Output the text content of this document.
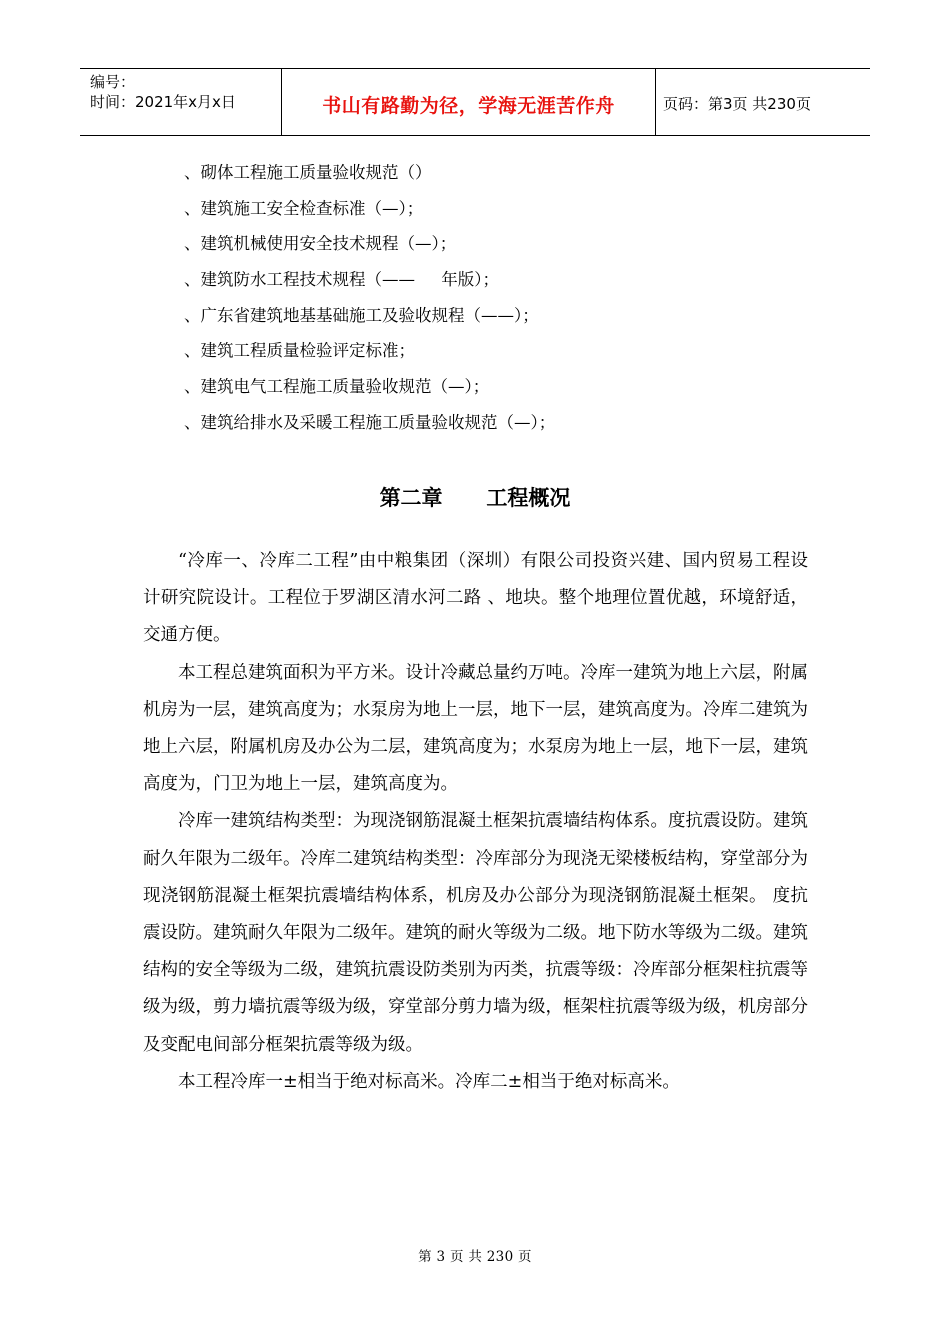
编号：
时间：2021年x月x日	书山有路勤为径，学海无涯苦作舟	页码：第3页 共230页
、砌体工程施工质量验收规范（）
、建筑施工安全检查标准（—）；
、建筑机械使用安全技术规程（—）；
、建筑防水工程技术规程（——     年版）；
、广东省建筑地基基础施工及验收规程（——）；
、建筑工程质量检验评定标准；
、建筑电气工程施工质量验收规范（—）；
、建筑给排水及采暖工程施工质量验收规范（—）；
第二章      工程概况

“冷库一、冷库二工程”由中粮集团（深圳）有限公司投资兴建、国内贸易工程设计研究院设计。工程位于罗湖区清水河二路 、地块。整个地理位置优越，环境舒适，交通方便。

本工程总建筑面积为平方米。设计冷藏总量约万吨。冷库一建筑为地上六层，附属机房为一层，建筑高度为；水泵房为地上一层，地下一层，建筑高度为。冷库二建筑为地上六层，附属机房及办公为二层，建筑高度为；水泵房为地上一层，地下一层，建筑高度为，门卫为地上一层，建筑高度为。

冷库一建筑结构类型：为现浇钢筋混凝土框架抗震墙结构体系。度抗震设防。建筑耐久年限为二级年。冷库二建筑结构类型：冷库部分为现浇无梁楼板结构，穿堂部分为现浇钢筋混凝土框架抗震墙结构体系，机房及办公部分为现浇钢筋混凝土框架。 度抗震设防。建筑耐久年限为二级年。建筑的耐火等级为二级。地下防水等级为二级。建筑结构的安全等级为二级，建筑抗震设防类别为丙类，抗震等级：冷库部分框架柱抗震等级为级，剪力墙抗震等级为级，穿堂部分剪力墙为级，框架柱抗震等级为级，机房部分及变配电间部分框架抗震等级为级。

本工程冷库一±相当于绝对标高米。冷库二±相当于绝对标高米。

第 3 页 共 230 页
